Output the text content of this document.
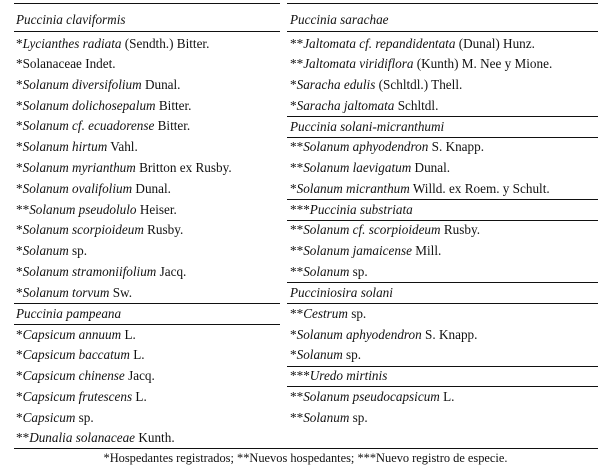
Puccinia claviformis
*Lycianthes radiata (Sendth.) Bitter.
*Solanaceae Indet.
*Solanum diversifolium Dunal.
*Solanum dolichosepalum Bitter.
*Solanum cf. ecuadorense Bitter.
*Solanum hirtum Vahl.
*Solanum myrianthum Britton ex Rusby.
*Solanum ovalifolium Dunal.
**Solanum pseudolulo Heiser.
*Solanum scorpioideum Rusby.
*Solanum sp.
*Solanum stramoniifolium Jacq.
*Solanum torvum Sw.
Puccinia pampeana
*Capsicum annuum L.
*Capsicum baccatum L.
*Capsicum chinense Jacq.
*Capsicum frutescens L.
*Capsicum sp.
**Dunalia solanaceae Kunth.
Puccinia sarachae
**Jaltomata cf. repandidentata (Dunal) Hunz.
**Jaltomata viridiflora (Kunth) M. Nee y Mione.
*Saracha edulis (Schltdl.) Thell.
*Saracha jaltomata Schltdl.
Puccinia solani-micranthumi
**Solanum aphyodendron S. Knapp.
**Solanum laevigatum Dunal.
*Solanum micranthum Willd. ex Roem. y Schult.
***Puccinia substriata
**Solanum cf. scorpioideum Rusby.
**Solanum jamaicense Mill.
**Solanum sp.
Pucciniosira solani
**Cestrum sp.
*Solanum aphyodendron S. Knapp.
*Solanum sp.
***Uredo mirtinis
**Solanum pseudocapsicum L.
**Solanum sp.
*Hospedantes registrados; **Nuevos hospedantes; ***Nuevo registro de especie.
